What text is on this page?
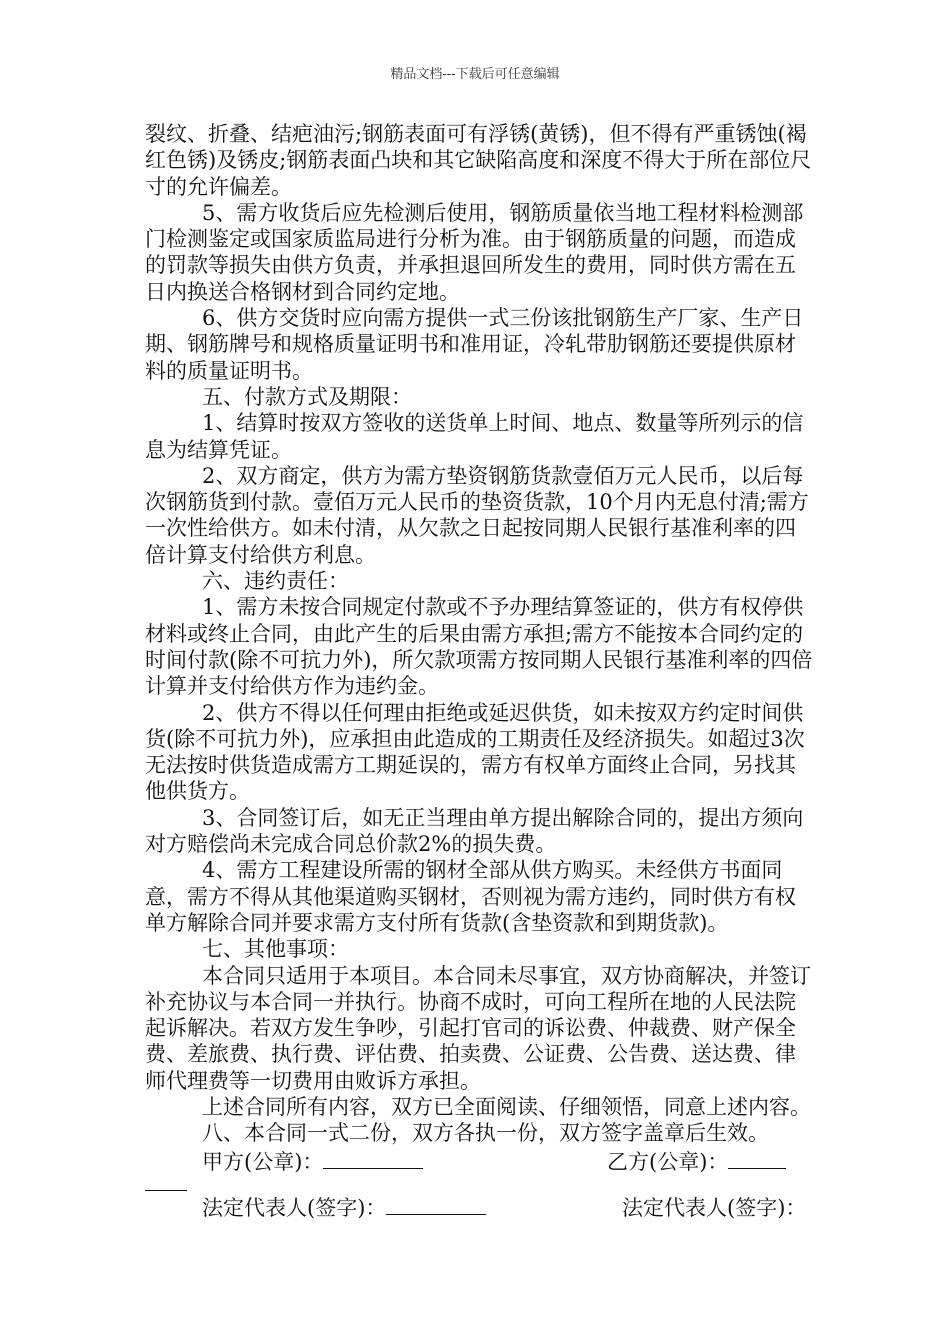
精品文档---下载后可任意编辑

裂纹、折叠、结疤油污;钢筋表面可有浮锈(黄锈)，但不得有严重锈蚀(褐红色锈)及锈皮;钢筋表面凸块和其它缺陷高度和深度不得大于所在部位尺寸的允许偏差。

5、需方收货后应先检测后使用，钢筋质量依当地工程材料检测部门检测鉴定或国家质监局进行分析为准。由于钢筋质量的问题，而造成的罚款等损失由供方负责，并承担退回所发生的费用，同时供方需在五日内换送合格钢材到合同约定地。

6、供方交货时应向需方提供一式三份该批钢筋生产厂家、生产日期、钢筋牌号和规格质量证明书和准用证，冷轧带肋钢筋还要提供原材料的质量证明书。

五、付款方式及期限：

1、结算时按双方签收的送货单上时间、地点、数量等所列示的信息为结算凭证。

2、双方商定，供方为需方垫资钢筋货款壹佰万元人民币，以后每次钢筋货到付款。壹佰万元人民币的垫资货款，10个月内无息付清;需方一次性给供方。如未付清，从欠款之日起按同期人民银行基准利率的四倍计算支付给供方利息。

六、违约责任：

1、需方未按合同规定付款或不予办理结算签证的，供方有权停供材料或终止合同，由此产生的后果由需方承担;需方不能按本合同约定的时间付款(除不可抗力外)，所欠款项需方按同期人民银行基准利率的四倍计算并支付给供方作为违约金。

2、供方不得以任何理由拒绝或延迟供货，如未按双方约定时间供货(除不可抗力外)，应承担由此造成的工期责任及经济损失。如超过3次无法按时供货造成需方工期延误的，需方有权单方面终止合同，另找其他供货方。

3、合同签订后，如无正当理由单方提出解除合同的，提出方须向对方赔偿尚未完成合同总价款2%的损失费。

4、需方工程建设所需的钢材全部从供方购买。未经供方书面同意，需方不得从其他渠道购买钢材，否则视为需方违约，同时供方有权单方解除合同并要求需方支付所有货款(含垫资款和到期货款)。

七、其他事项：

本合同只适用于本项目。本合同未尽事宜，双方协商解决，并签订补充协议与本合同一并执行。协商不成时，可向工程所在地的人民法院起诉解决。若双方发生争吵，引起打官司的诉讼费、仲裁费、财产保全费、差旅费、执行费、评估费、拍卖费、公证费、公告费、送达费、律师代理费等一切费用由败诉方承担。

上述合同所有内容，双方已全面阅读、仔细领悟，同意上述内容。

八、本合同一式二份，双方各执一份，双方签字盖章后生效。

甲方(公章)：	乙方(公章)：
法定代表人(签字)：	法定代表人(签字)：
